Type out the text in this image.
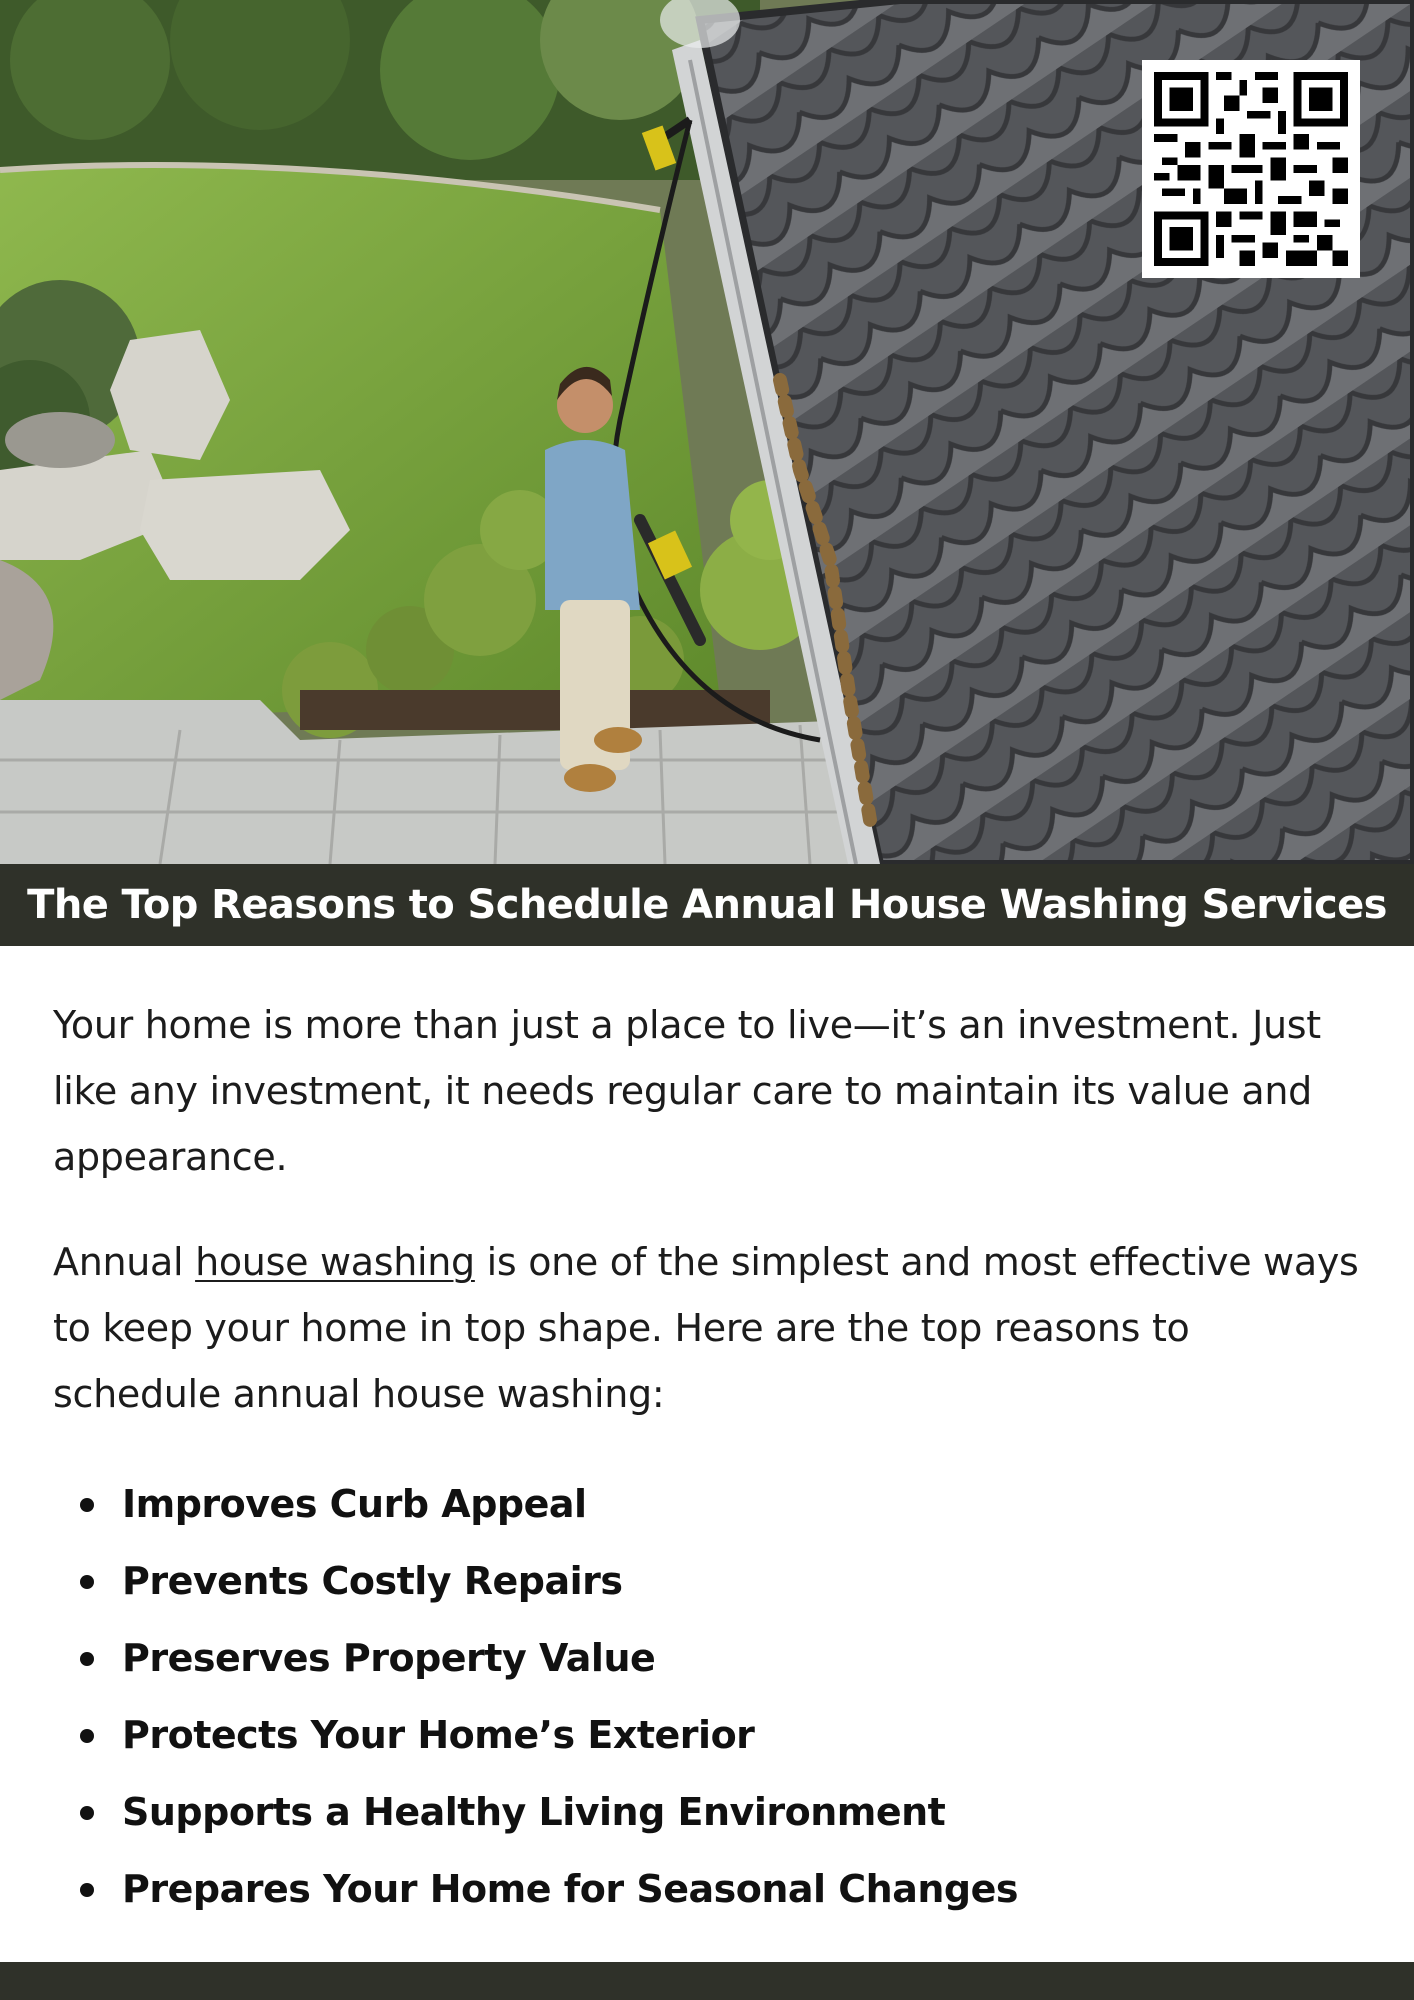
The Top Reasons to Schedule Annual House Washing Services

Your home is more than just a place to live—it’s an investment. Just like any investment, it needs regular care to maintain its value and appearance.

Annual house washing is one of the simplest and most effective ways to keep your home in top shape. Here are the top reasons to schedule annual house washing:

Improves Curb Appeal
Prevents Costly Repairs
Preserves Property Value
Protects Your Home’s Exterior
Supports a Healthy Living Environment
Prepares Your Home for Seasonal Changes
